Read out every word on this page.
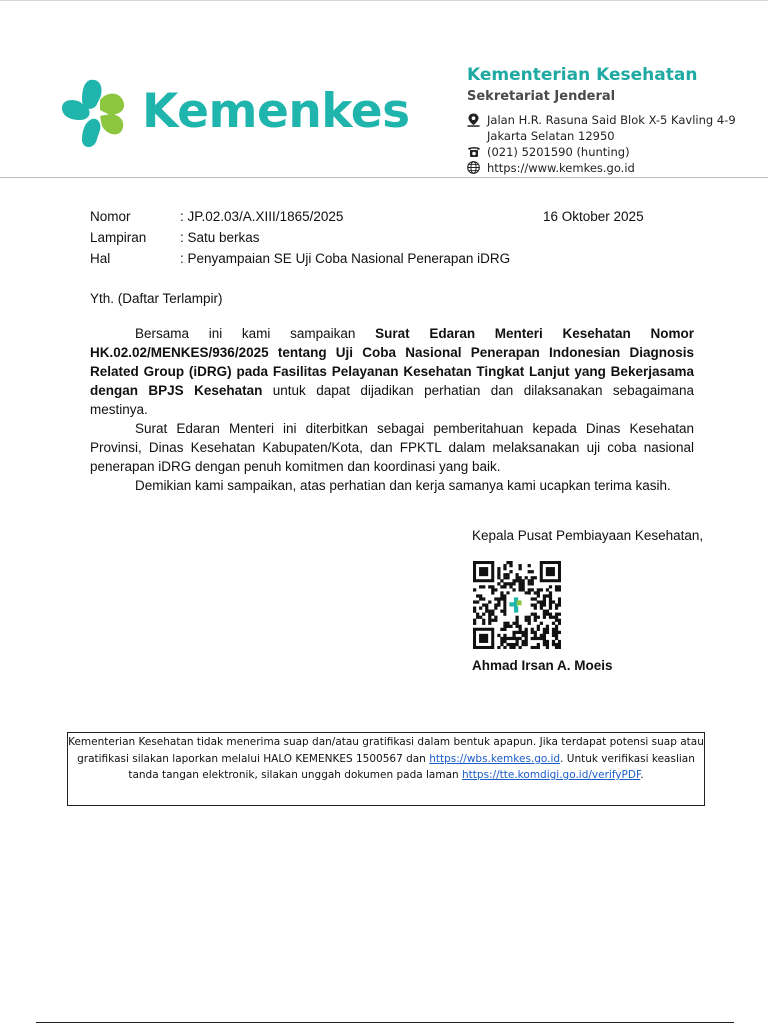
Kemenkes
Kementerian Kesehatan
Sekretariat Jenderal
Jalan H.R. Rasuna Said Blok X-5 Kavling 4-9
Jakarta Selatan 12950
(021) 5201590 (hunting)
https://www.kemkes.go.id
Nomor	: JP.02.03/A.XIII/1865/2025
Lampiran	: Satu berkas
Hal	: Penyampaian SE Uji Coba Nasional Penerapan iDRG
16 Oktober 2025
Yth. (Daftar Terlampir)

Bersama ini kami sampaikan Surat Edaran Menteri Kesehatan Nomor HK.02.02/MENKES/936/2025 tentang Uji Coba Nasional Penerapan Indonesian Diagnosis Related Group (iDRG) pada Fasilitas Pelayanan Kesehatan Tingkat Lanjut yang Bekerjasama dengan BPJS Kesehatan untuk dapat dijadikan perhatian dan dilaksanakan sebagaimana mestinya.

Surat Edaran Menteri ini diterbitkan sebagai pemberitahuan kepada Dinas Kesehatan Provinsi, Dinas Kesehatan Kabupaten/Kota, dan FPKTL dalam melaksanakan uji coba nasional penerapan iDRG dengan penuh komitmen dan koordinasi yang baik.

Demikian kami sampaikan, atas perhatian dan kerja samanya kami ucapkan terima kasih.

Kepala Pusat Pembiayaan Kesehatan,
Ahmad Irsan A. Moeis
Kementerian Kesehatan tidak menerima suap dan/atau gratifikasi dalam bentuk apapun. Jika terdapat potensi suap atau gratifikasi silakan laporkan melalui HALO KEMENKES 1500567 dan https://wbs.kemkes.go.id. Untuk verifikasi keaslian tanda tangan elektronik, silakan unggah dokumen pada laman https://tte.komdigi.go.id/verifyPDF.
